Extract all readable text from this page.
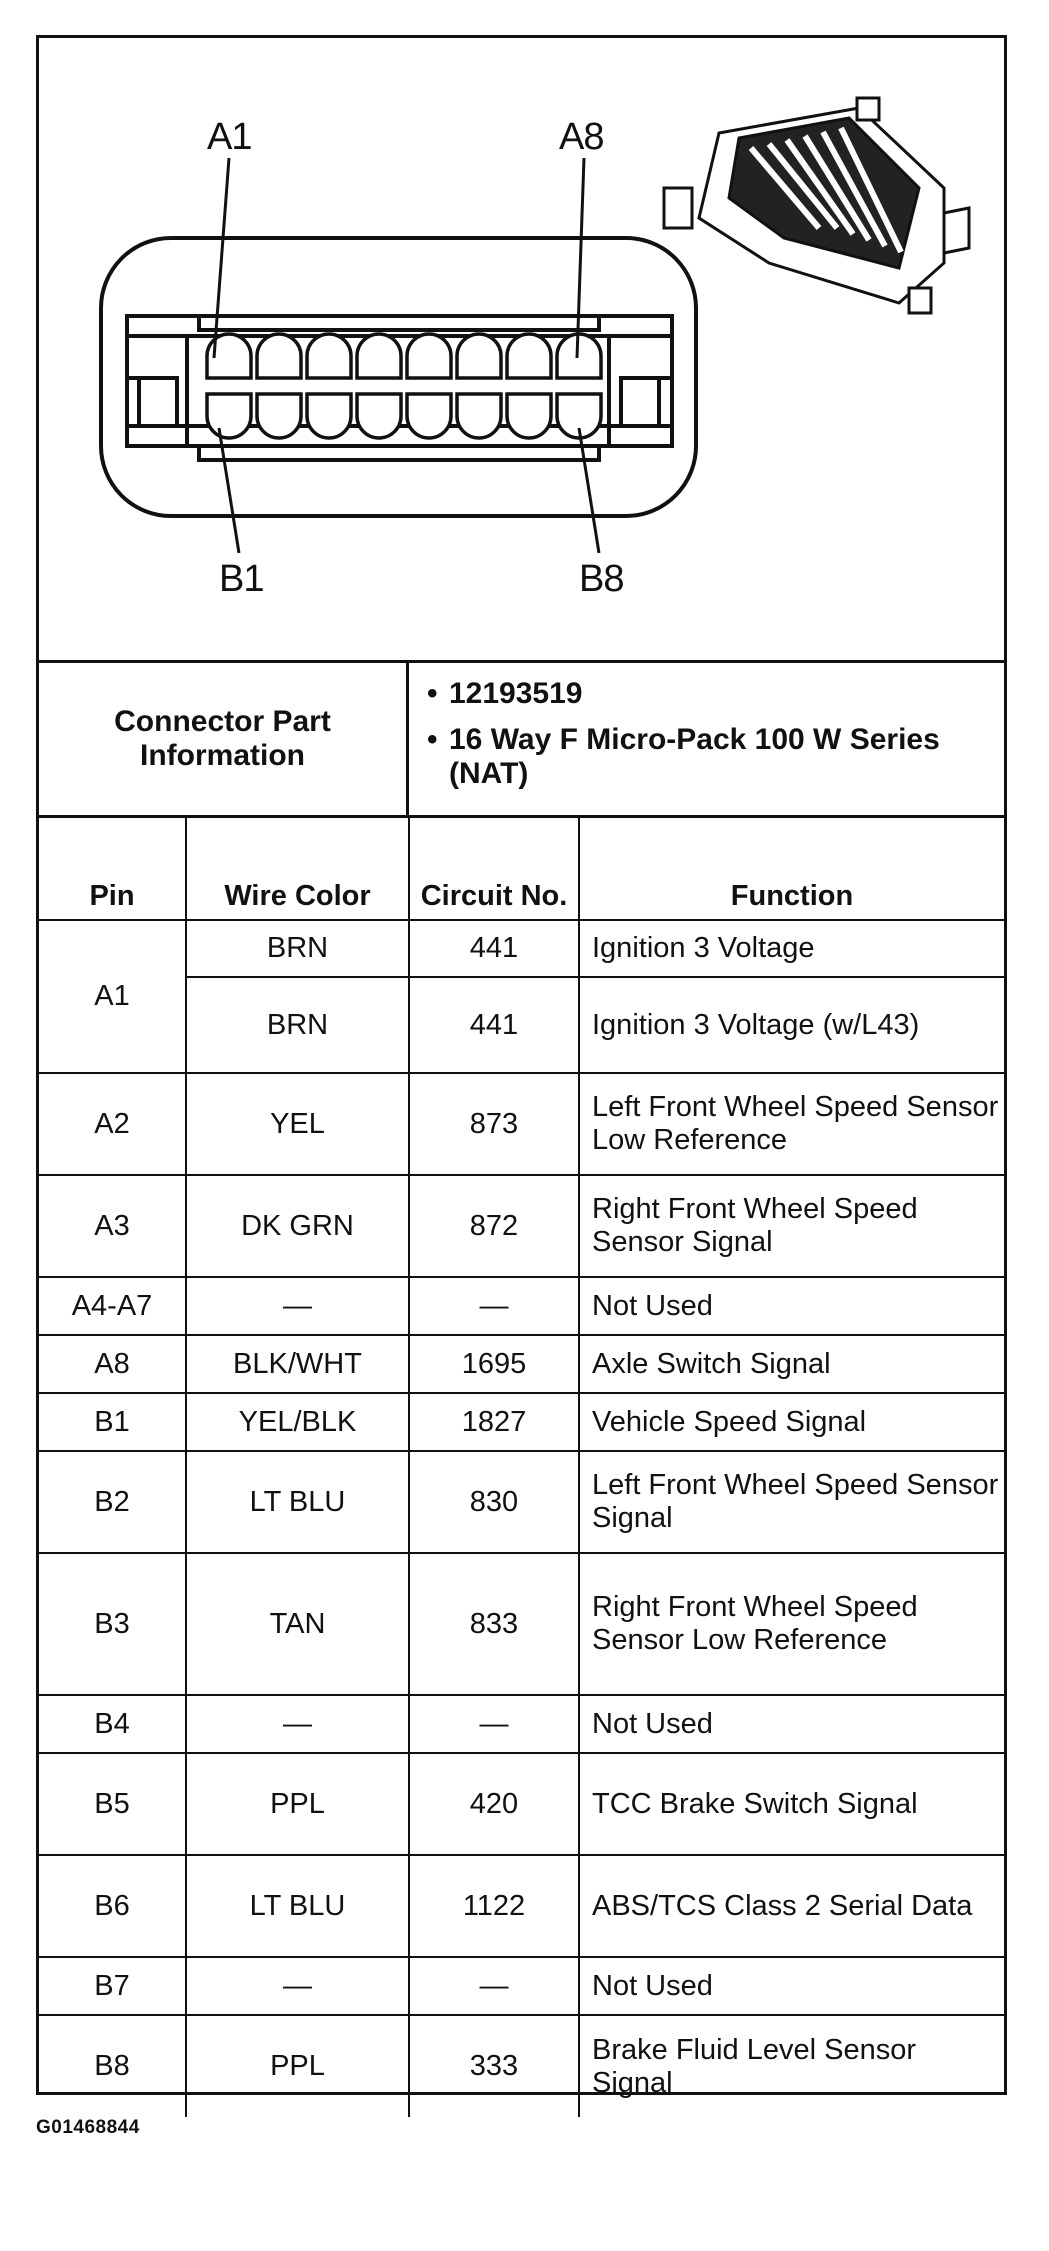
A1	A8
B1	B8
Connector Part Information
• 12193519
• 16 Way F Micro-Pack 100 W Series (NAT)
Pin	Wire Color	Circuit No.	Function
A1	BRN	441	Ignition 3 Voltage
	BRN	441	Ignition 3 Voltage (w/L43)
A2	YEL	873	Left Front Wheel Speed Sensor Low Reference
A3	DK GRN	872	Right Front Wheel Speed Sensor Signal
A4-A7	—	—	Not Used
A8	BLK/WHT	1695	Axle Switch Signal
B1	YEL/BLK	1827	Vehicle Speed Signal
B2	LT BLU	830	Left Front Wheel Speed Sensor Signal
B3	TAN	833	Right Front Wheel Speed Sensor Low Reference
B4	—	—	Not Used
B5	PPL	420	TCC Brake Switch Signal
B6	LT BLU	1122	ABS/TCS Class 2 Serial Data
B7	—	—	Not Used
B8	PPL	333	Brake Fluid Level Sensor Signal
G01468844
